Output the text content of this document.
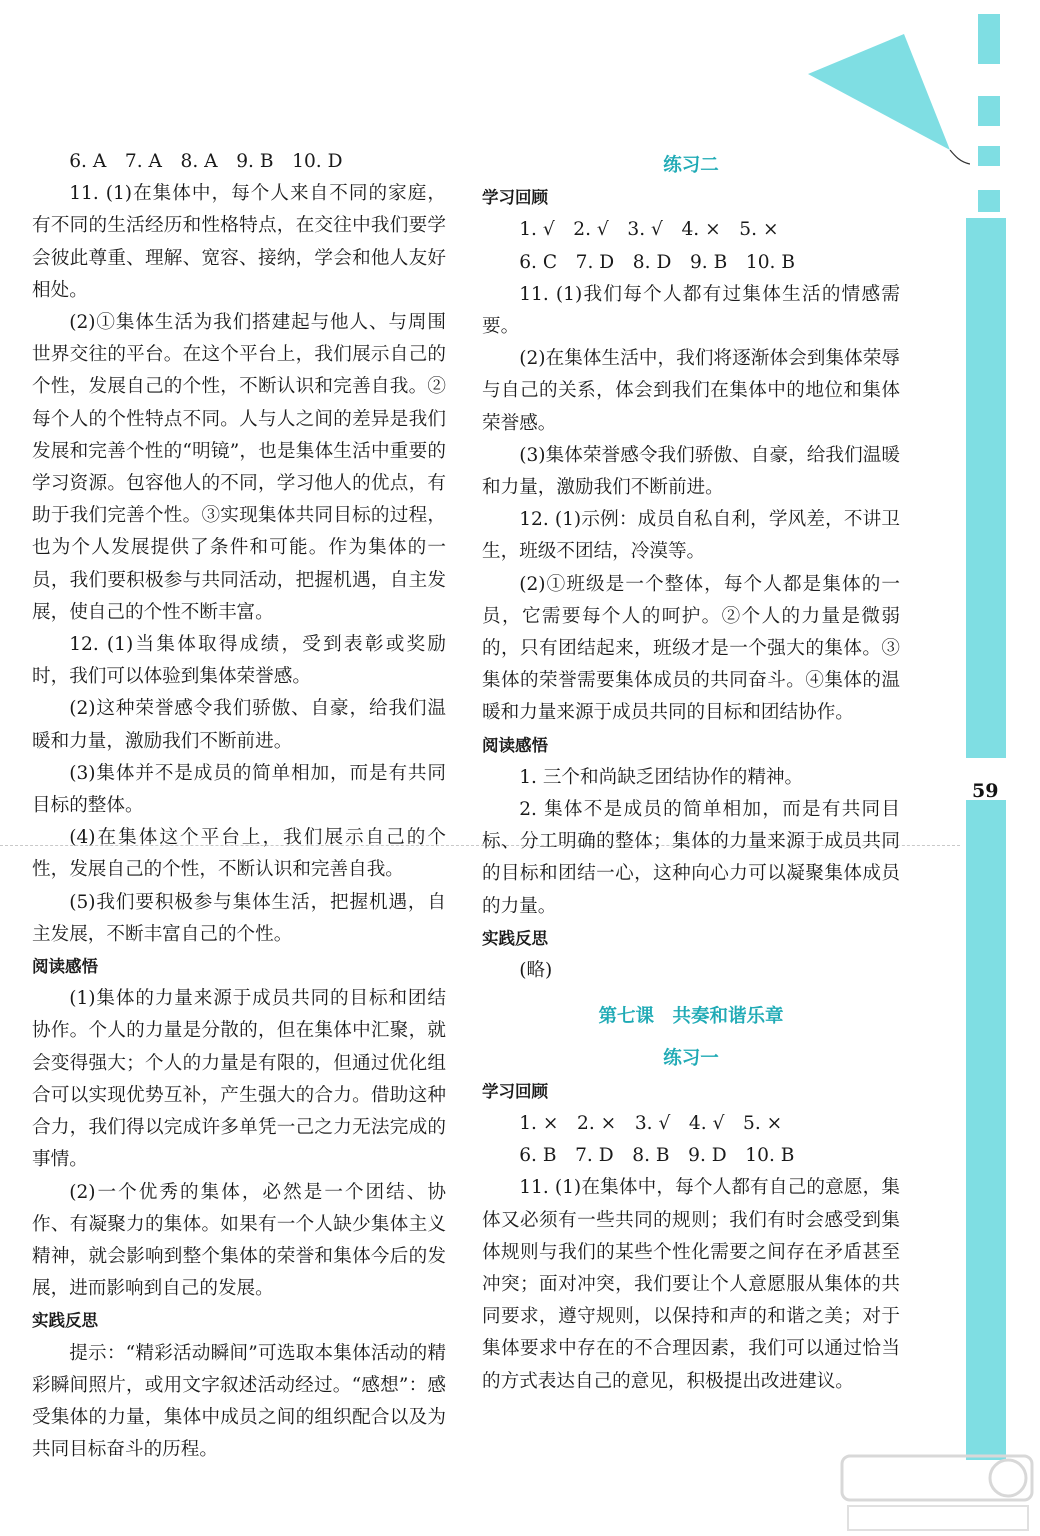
59

6. A　7. A　8. A　9. B　10. D

11. (1)在集体中，每个人来自不同的家庭，有不同的生活经历和性格特点，在交往中我们要学会彼此尊重、理解、宽容、接纳，学会和他人友好相处。

(2)①集体生活为我们搭建起与他人、与周围世界交往的平台。在这个平台上，我们展示自己的个性，发展自己的个性，不断认识和完善自我。②每个人的个性特点不同。人与人之间的差异是我们发展和完善个性的“明镜”，也是集体生活中重要的学习资源。包容他人的不同，学习他人的优点，有助于我们完善个性。③实现集体共同目标的过程，也为个人发展提供了条件和可能。作为集体的一员，我们要积极参与共同活动，把握机遇，自主发展，使自己的个性不断丰富。

12. (1)当集体取得成绩，受到表彰或奖励时，我们可以体验到集体荣誉感。

(2)这种荣誉感令我们骄傲、自豪，给我们温暖和力量，激励我们不断前进。

(3)集体并不是成员的简单相加，而是有共同目标的整体。

(4)在集体这个平台上，我们展示自己的个性，发展自己的个性，不断认识和完善自我。

(5)我们要积极参与集体生活，把握机遇，自主发展，不断丰富自己的个性。

阅读感悟

(1)集体的力量来源于成员共同的目标和团结协作。个人的力量是分散的，但在集体中汇聚，就会变得强大；个人的力量是有限的，但通过优化组合可以实现优势互补，产生强大的合力。借助这种合力，我们得以完成许多单凭一己之力无法完成的事情。

(2)一个优秀的集体，必然是一个团结、协作、有凝聚力的集体。如果有一个人缺少集体主义精神，就会影响到整个集体的荣誉和集体今后的发展，进而影响到自己的发展。

实践反思

提示：“精彩活动瞬间”可选取本集体活动的精彩瞬间照片，或用文字叙述活动经过。“感想”：感受集体的力量，集体中成员之间的组织配合以及为共同目标奋斗的历程。

练习二

学习回顾

1. √　2. √　3. √　4. ×　5. ×

6. C　7. D　8. D　9. B　10. B

11. (1)我们每个人都有过集体生活的情感需要。

(2)在集体生活中，我们将逐渐体会到集体荣辱与自己的关系，体会到我们在集体中的地位和集体荣誉感。

(3)集体荣誉感令我们骄傲、自豪，给我们温暖和力量，激励我们不断前进。

12. (1)示例：成员自私自利，学风差，不讲卫生，班级不团结，冷漠等。

(2)①班级是一个整体，每个人都是集体的一员，它需要每个人的呵护。②个人的力量是微弱的，只有团结起来，班级才是一个强大的集体。③集体的荣誉需要集体成员的共同奋斗。④集体的温暖和力量来源于成员共同的目标和团结协作。

阅读感悟

1. 三个和尚缺乏团结协作的精神。

2. 集体不是成员的简单相加，而是有共同目标、分工明确的整体；集体的力量来源于成员共同的目标和团结一心，这种向心力可以凝聚集体成员的力量。

实践反思

(略)

第七课　共奏和谐乐章

练习一

学习回顾

1. ×　2. ×　3. √　4. √　5. ×

6. B　7. D　8. B　9. D　10. B

11. (1)在集体中，每个人都有自己的意愿，集体又必须有一些共同的规则；我们有时会感受到集体规则与我们的某些个性化需要之间存在矛盾甚至冲突；面对冲突，我们要让个人意愿服从集体的共同要求，遵守规则，以保持和声的和谐之美；对于集体要求中存在的不合理因素，我们可以通过恰当的方式表达自己的意见，积极提出改进建议。
